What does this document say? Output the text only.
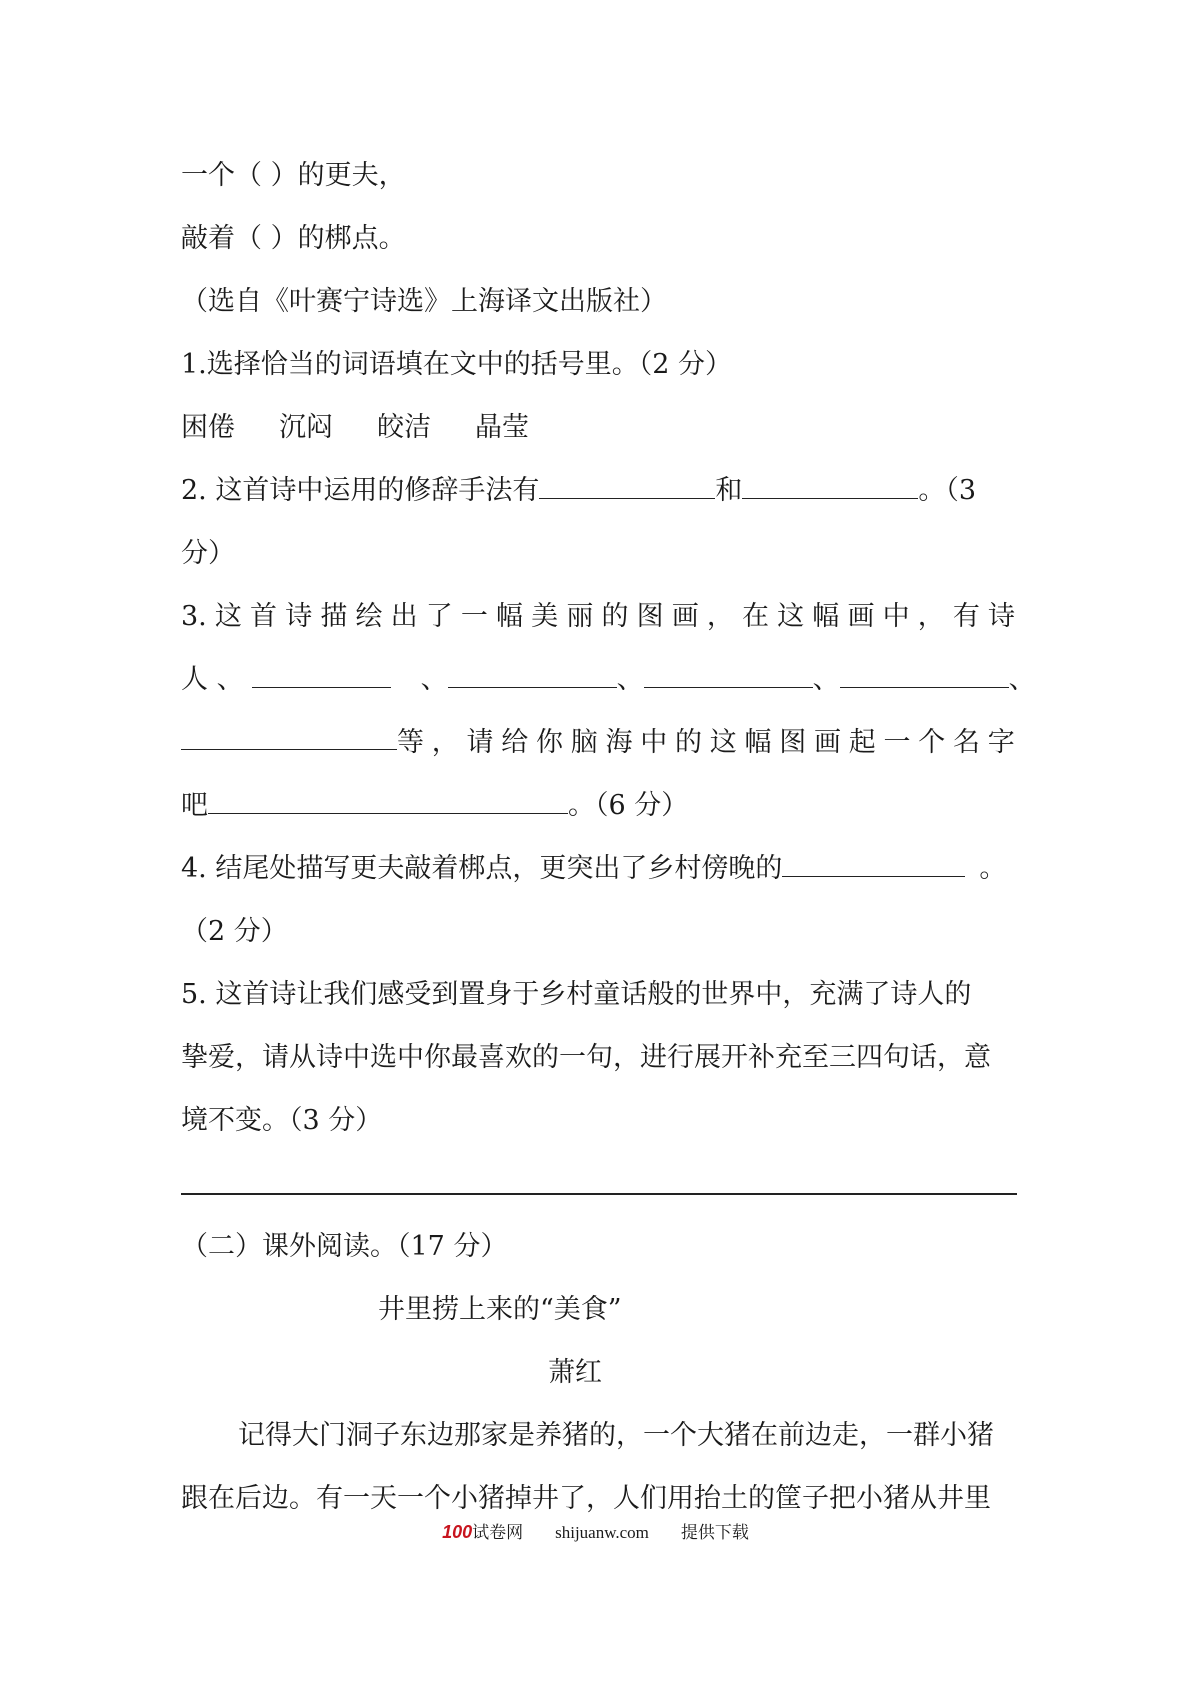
一个（ ）的更夫，
敲着（ ）的梆点。
（选自《叶赛宁诗选》上海译文出版社）
1.选择恰当的词语填在文中的括号里。（2 分）
困倦 沉闷 皎洁 晶莹
2. 这首诗中运用的修辞手法有	和	。（3
分）
3. 这 首 诗 描 绘 出 了 一 幅 美 丽 的 图 画 ， 在 这 幅 画 中 ， 有 诗
人 、	、	、	、	、
等 ， 请 给 你 脑 海 中 的 这 幅 图 画 起 一 个 名 字
吧	。（6 分）
4. 结尾处描写更夫敲着梆点，更突出了乡村傍晚的	。
（2 分）
5. 这首诗让我们感受到置身于乡村童话般的世界中，充满了诗人的
挚爱，请从诗中选中你最喜欢的一句，进行展开补充至三四句话，意
境不变。（3 分）
（二）课外阅读。（17 分）
井里捞上来的“美食”
萧红
记得大门洞子东边那家是养猪的，一个大猪在前边走，一群小猪
跟在后边。有一天一个小猪掉井了，人们用抬土的筐子把小猪从井里
100试卷网 shijuanw.com 提供下载
